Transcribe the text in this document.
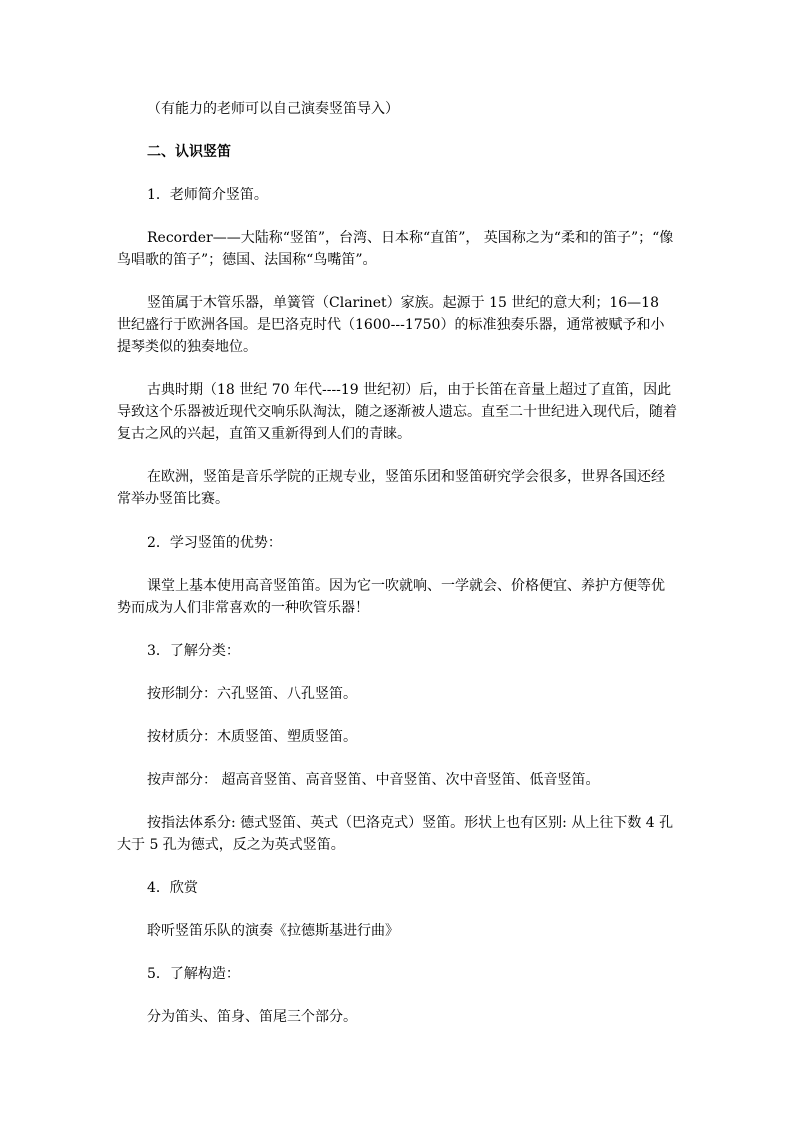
（有能力的老师可以自己演奏竖笛导入）

二、认识竖笛

1．老师简介竖笛。

Recorder——大陆称“竖笛”，台湾、日本称“直笛”， 英国称之为“柔和的笛子”；“像鸟唱歌的笛子”；德国、法国称“鸟嘴笛”。

竖笛属于木管乐器，单簧管（Clarinet）家族。起源于 15 世纪的意大利；16—18 世纪盛行于欧洲各国。是巴洛克时代（1600---1750）的标准独奏乐器，通常被赋予和小提琴类似的独奏地位。

古典时期（18 世纪 70 年代----19 世纪初）后，由于长笛在音量上超过了直笛，因此导致这个乐器被近现代交响乐队淘汰，随之逐渐被人遗忘。直至二十世纪进入现代后，随着复古之风的兴起，直笛又重新得到人们的青睐。

在欧洲，竖笛是音乐学院的正规专业，竖笛乐团和竖笛研究学会很多，世界各国还经常举办竖笛比赛。

2．学习竖笛的优势：

课堂上基本使用高音竖笛笛。因为它一吹就响、一学就会、价格便宜、养护方便等优势而成为人们非常喜欢的一种吹管乐器！

3．了解分类：

按形制分：六孔竖笛、八孔竖笛。

按材质分：木质竖笛、塑质竖笛。

按声部分： 超高音竖笛、高音竖笛、中音竖笛、次中音竖笛、低音竖笛。

按指法体系分: 德式竖笛、英式（巴洛克式）竖笛。形状上也有区别: 从上往下数 4 孔大于 5 孔为德式，反之为英式竖笛。

4．欣赏

聆听竖笛乐队的演奏《拉德斯基进行曲》

5．了解构造：

分为笛头、笛身、笛尾三个部分。
